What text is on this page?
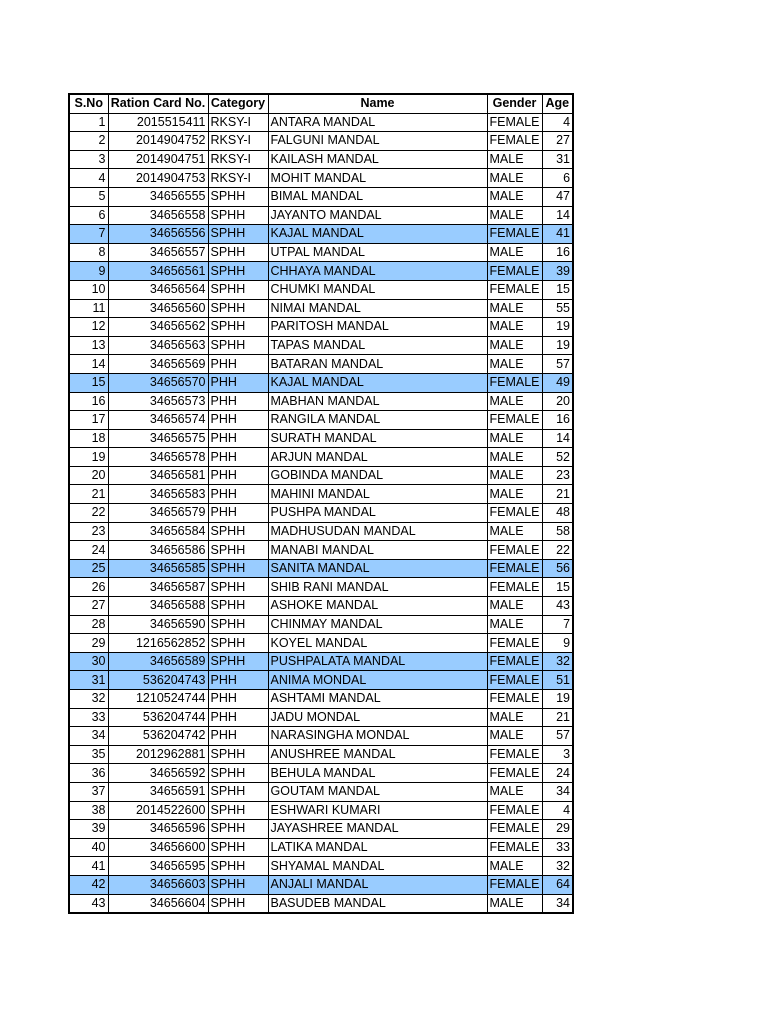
S.No	Ration Card No.	Category	Name	Gender	Age
1	2015515411	RKSY-I	ANTARA MANDAL	FEMALE	4
2	2014904752	RKSY-I	FALGUNI MANDAL	FEMALE	27
3	2014904751	RKSY-I	KAILASH MANDAL	MALE	31
4	2014904753	RKSY-I	MOHIT MANDAL	MALE	6
5	34656555	SPHH	BIMAL MANDAL	MALE	47
6	34656558	SPHH	JAYANTO MANDAL	MALE	14
7	34656556	SPHH	KAJAL MANDAL	FEMALE	41
8	34656557	SPHH	UTPAL MANDAL	MALE	16
9	34656561	SPHH	CHHAYA MANDAL	FEMALE	39
10	34656564	SPHH	CHUMKI MANDAL	FEMALE	15
11	34656560	SPHH	NIMAI MANDAL	MALE	55
12	34656562	SPHH	PARITOSH MANDAL	MALE	19
13	34656563	SPHH	TAPAS MANDAL	MALE	19
14	34656569	PHH	BATARAN MANDAL	MALE	57
15	34656570	PHH	KAJAL MANDAL	FEMALE	49
16	34656573	PHH	MABHAN MANDAL	MALE	20
17	34656574	PHH	RANGILA MANDAL	FEMALE	16
18	34656575	PHH	SURATH MANDAL	MALE	14
19	34656578	PHH	ARJUN MANDAL	MALE	52
20	34656581	PHH	GOBINDA MANDAL	MALE	23
21	34656583	PHH	MAHINI MANDAL	MALE	21
22	34656579	PHH	PUSHPA MANDAL	FEMALE	48
23	34656584	SPHH	MADHUSUDAN MANDAL	MALE	58
24	34656586	SPHH	MANABI MANDAL	FEMALE	22
25	34656585	SPHH	SANITA MANDAL	FEMALE	56
26	34656587	SPHH	SHIB RANI MANDAL	FEMALE	15
27	34656588	SPHH	ASHOKE MANDAL	MALE	43
28	34656590	SPHH	CHINMAY MANDAL	MALE	7
29	1216562852	SPHH	KOYEL MANDAL	FEMALE	9
30	34656589	SPHH	PUSHPALATA MANDAL	FEMALE	32
31	536204743	PHH	ANIMA MONDAL	FEMALE	51
32	1210524744	PHH	ASHTAMI MANDAL	FEMALE	19
33	536204744	PHH	JADU MONDAL	MALE	21
34	536204742	PHH	NARASINGHA MONDAL	MALE	57
35	2012962881	SPHH	ANUSHREE MANDAL	FEMALE	3
36	34656592	SPHH	BEHULA MANDAL	FEMALE	24
37	34656591	SPHH	GOUTAM MANDAL	MALE	34
38	2014522600	SPHH	ESHWARI KUMARI	FEMALE	4
39	34656596	SPHH	JAYASHREE MANDAL	FEMALE	29
40	34656600	SPHH	LATIKA MANDAL	FEMALE	33
41	34656595	SPHH	SHYAMAL MANDAL	MALE	32
42	34656603	SPHH	ANJALI MANDAL	FEMALE	64
43	34656604	SPHH	BASUDEB MANDAL	MALE	34
